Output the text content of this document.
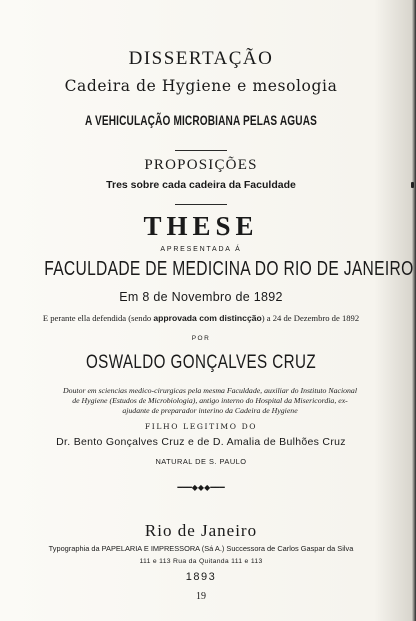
DISSERTAÇÃO
Cadeira de Hygiene e mesologia
A VEHICULAÇÃO MICROBIANA PELAS AGUAS
PROPOSIÇÕES
Tres sobre cada cadeira da Faculdade
THESE
APRESENTADA Á
FACULDADE DE MEDICINA DO RIO DE JANEIRO
Em 8 de Novembro de 1892
E perante ella defendida (sendo approvada com distincção) a 24 de Dezembro de 1892
POR
OSWALDO GONÇALVES CRUZ
Doutor em sciencias medico-cirurgicas pela mesma Faculdade, auxiliar do Instituto Nacional de Hygiene (Estudos de Microbiologia), antigo interno do Hospital da Misericordia, ex-ajudante de preparador interino da Cadeira de Hygiene
FILHO LEGITIMO DO
Dr. Bento Gonçalves Cruz e de D. Amalia de Bulhões Cruz
NATURAL DE S. PAULO
━━━◆◆◆━━━
Rio de Janeiro
Typographia da PAPELARIA E IMPRESSORA (Sá A.) Successora de Carlos Gaspar da Silva
111 e 113 Rua da Quitanda 111 e 113
1893
19
